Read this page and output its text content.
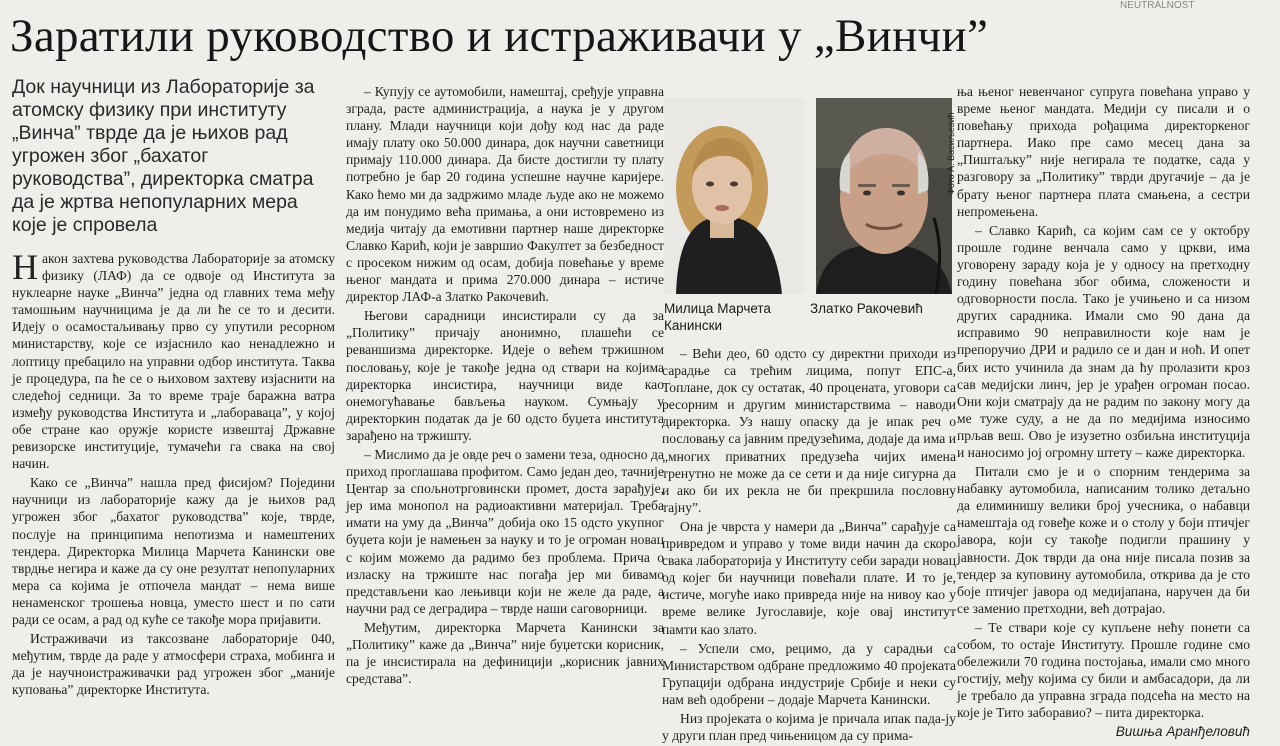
NEUTRALNOST
Заратили руководство и истраживачи у „Винчи”
Док научници из Лабораторије за атомску физику при институту „Винча” тврде да је њихов рад угрожен због „бахатог руководства”, директорка сматра да је жртва непопуларних мера које је спровела

Након захтева руководства Лабораторије за атомску физику (ЛАФ) да се одвоје од Института за нуклеарне науке „Винча” једна од главних тема међу тамошњим научницима је да ли ће се то и десити. Идеју о осамостаљивању прво су упутили ресорном министарству, које се изјаснило као ненадлежно и лоптицу пребацило на управни одбор института. Таква је процедура, па ће се о њиховом захтеву изјаснити на следећој седници. За то време траје баражна ватра између руководства Института и „лабораваца”, у којој обе стране као оружје користе извештај Државне ревизорске институције, тумачећи га свака на свој начин.

Како се „Винча” нашла пред фисијом? Поједини научници из лабораторије кажу да је њихов рад угрожен због „бахатог руководства” које, тврде, послује на принципима непотизма и намештених тендера. Директорка Милица Марчета Канински ове тврдње негира и каже да су оне резултат непопуларних мера са којима је отпочела мандат – нема више ненаменског трошења новца, уместо шест и по сати ради се осам, а рад од куће се такође мора пријавити.

Истраживачи из таксозване лабораторије 040, међутим, тврде да раде у атмосфери страха, мобинга и да је научноистраживачки рад угрожен због „маније куповања” директорке Института.

– Купују се аутомобили, намештај, сређује управна зграда, расте администрација, а наука је у другом плану. Млади научници који дођу код нас да раде имају плату око 50.000 динара, док научни саветници примају 110.000 динара. Да бисте достигли ту плату потребно је бар 20 година успешне научне каријере. Како ћемо ми да задржимо младе људе ако не можемо да им понудимо већа примања, а они истовремено из медија читају да емотивни партнер наше директорке Славко Карић, који је завршио Факултет за безбедност с просеком нижим од осам, добија повећање у време њеног мандата и прима 270.000 динара – истиче директор ЛАФ-а Златко Ракочевић.

Његови сарадници инсистирали су да за „Политику” причају анонимно, плашећи се реваншизма директорке. Идеје о већем тржишном пословању, које је такође једна од ствари на којима директорка инсистира, научници виде као онемогућавање бављења науком. Сумњају у директоркин податак да је 60 одсто буџета института зарађено на тржишту.

– Мислимо да је овде реч о замени теза, односно да приход проглашава профитом. Само један део, тачније Центар за спољнотрговински промет, доста зарађује, јер има монопол на радиоактивни материјал. Треба имати на уму да „Винча” добија око 15 одсто укупног буџета који је намењен за науку и то је огроман новац с којим можемо да радимо без проблема. Прича о изласку на тржиште нас погађа јер ми бивамо представљени као лењивци који не желе да раде, а научни рад се деградира – тврде наши саговорници.

Међутим, директорка Марчета Канински за „Политику” каже да „Винча” није буџетски корисник, па је инсистирала на дефиницији „корисник јавних средстава”.

Фото А. Васиљевић
Милица Марчета Канински
Златко Ракочевић

– Већи део, 60 одсто су директни приходи из сарадње са трећим лицима, попут ЕПС-а, Топлане, док су остатак, 40 процената, уговори са ресорним и другим министарствима – наводи директорка. Уз нашу опаску да је ипак реч о пословању са јавним предузећима, додаје да има и „многих приватних предузећа чијих имена тренутно не може да се сети и да није сигурна да и ако би их рекла не би прекршила пословну тајну”.

Она је чврста у намери да „Винча” сарађује са привредом и управо у томе види начин да скоро свака лабораторија у Институту себи заради новац од којег би научници повећали плате. И то је, истиче, могуће иако привреда није на нивоу као у време велике Југославије, које овај институт памти као злато.

– Успели смо, рецимо, да у сарадњи са Министарством одбране предложимо 40 пројеката Групацији одбрана индустрије Србије и неки су нам већ одобрени – додаје Марчета Канински.

Низ пројеката о којима је причала ипак пада-ју у други план пред чињеницом да су прима-

ња њеног невенчаног супруга повећана управо у време њеног мандата. Медији су писали и о повећању прихода рођацима директоркеног партнера. Иако пре само месец дана за „Пиштаљку” није негирала те податке, сада у разговору за „Политику” тврди другачије – да је брату њеног партнера плата смањена, а сестри непромењена.

– Славко Карић, са којим сам се у октобру прошле године венчала само у цркви, има уговорену зараду која је у односу на претходну годину повећана због обима, сложености и одговорности посла. Тако је учињено и са низом других сарадника. Имали смо 90 дана да исправимо 90 неправилности које нам је препоручио ДРИ и радило се и дан и ноћ. И опет бих исто учинила да знам да ћу пролазити кроз сав медијски линч, јер је урађен огроман посао. Они који сматрају да не радим по закону могу да ме туже суду, а не да по медијима износимо прљав веш. Ово је изузетно озбиљна институција и наносимо јој огромну штету – каже директорка.

Питали смо је и о спорним тендерима за набавку аутомобила, написаним толико детаљно да елиминишу велики број учесника, о набавци намештаја од говеђе коже и о столу у боји птичјег јавора, који су такође подигли прашину у јавности. Док тврди да она није писала позив за тендер за куповину аутомобила, открива да је сто боје птичјег јавора од медијапана, наручен да би се заменио претходни, већ дотрајао.

– Те ствари које су купљене нећу понети са собом, то остаје Институту. Прошле године смо обележили 70 година постојања, имали смо много гостију, међу којима су били и амбасадори, да ли је требало да управна зграда подсећа на место на које је Тито заборавио? – пита директорка.

Вишња Аранђеловић
